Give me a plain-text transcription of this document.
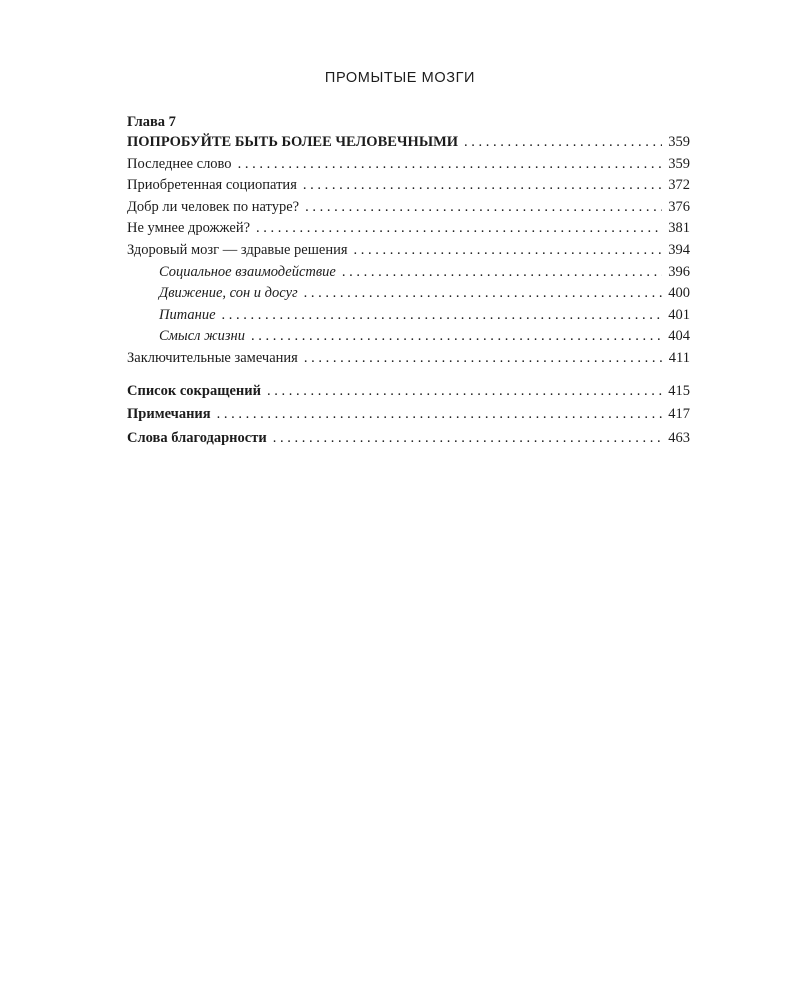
ПРОМЫТЫЕ МОЗГИ
Глава 7
ПОПРОБУЙТЕ БЫТЬ БОЛЕЕ ЧЕЛОВЕЧНЫМИ . . .	359
Последнее слово . . .	359
Приобретенная социопатия . . .	372
Добр ли человек по натуре? . . .	376
Не умнее дрожжей? . . .	381
Здоровый мозг — здравые решения . . .	394
Социальное взаимодействие . . .	396
Движение, сон и досуг . . .	400
Питание . . .	401
Смысл жизни . . .	404
Заключительные замечания . . .	411
Список сокращений . . .	415
Примечания . . .	417
Слова благодарности . . .	463
